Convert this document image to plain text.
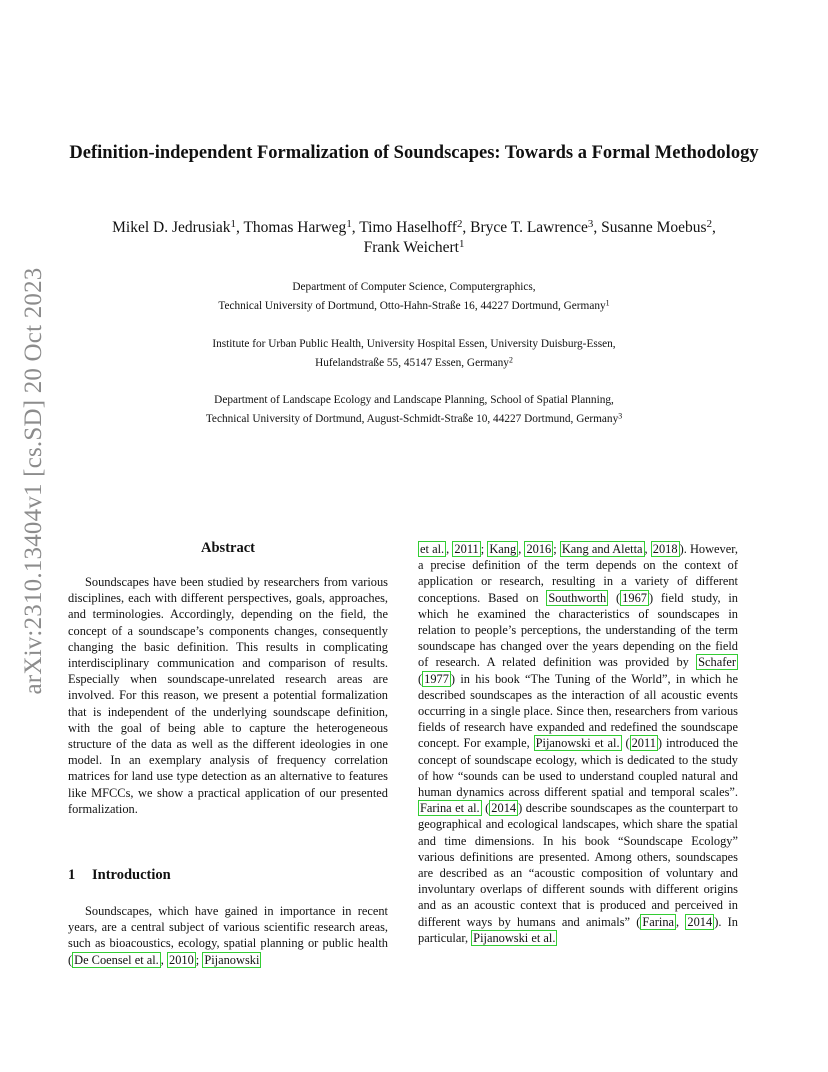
arXiv:2310.13404v1 [cs.SD] 20 Oct 2023
Definition-independent Formalization of Soundscapes: Towards a Formal Methodology
Mikel D. Jedrusiak$^1$, Thomas Harweg$^1$, Timo Haselhoff$^2$, Bryce T. Lawrence$^3$, Susanne Moebus$^2$,
Frank Weichert$^1$
Department of Computer Science, Computergraphics,
Technical University of Dortmund, Otto-Hahn-Straße 16, 44227 Dortmund, Germany$^1$
Institute for Urban Public Health, University Hospital Essen, University Duisburg-Essen,
Hufelandstraße 55, 45147 Essen, Germany$^2$
Department of Landscape Ecology and Landscape Planning, School of Spatial Planning,
Technical University of Dortmund, August-Schmidt-Straße 10, 44227 Dortmund, Germany$^3$
Abstract
Soundscapes have been studied by researchers from various disciplines, each with different perspectives, goals, approaches, and terminologies. Accordingly, depending on the field, the concept of a soundscape’s components changes, consequently changing the basic definition. This results in complicating interdisciplinary communication and comparison of results. Especially when soundscape-unrelated research areas are involved. For this reason, we present a potential formalization that is independent of the underlying soundscape definition, with the goal of being able to capture the heterogeneous structure of the data as well as the different ideologies in one model. In an exemplary analysis of frequency correlation matrices for land use type detection as an alternative to features like MFCCs, we show a practical application of our presented formalization.
1 Introduction
Soundscapes, which have gained in importance in recent years, are a central subject of various scientific research areas, such as bioacoustics, ecology, spatial planning or public health ( De Coensel et al. , 2010 ; Pijanowski
et al. , 2011 ; Kang , 2016 ; Kang and Aletta , 2018 ). However, a precise definition of the term depends on the context of application or research, resulting in a variety of different conceptions. Based on Southworth ( 1967 ) field study, in which he examined the characteristics of soundscapes in relation to people’s perceptions, the understanding of the term soundscape has changed over the years depending on the field of research. A related definition was provided by Schafer ( 1977 ) in his book “The Tuning of the World”, in which he described soundscapes as the interaction of all acoustic events occurring in a single place. Since then, researchers from various fields of research have expanded and redefined the soundscape concept. For example, Pijanowski et al. ( 2011 ) introduced the concept of soundscape ecology, which is dedicated to the study of how “sounds can be used to understand coupled natural and human dynamics across different spatial and temporal scales”. Farina et al. ( 2014 ) describe soundscapes as the counterpart to geographical and ecological landscapes, which share the spatial and time dimensions. In his book “Soundscape Ecology” various definitions are presented. Among others, soundscapes are described as an “acoustic composition of voluntary and involuntary overlaps of different sounds with different origins and as an acoustic context that is produced and perceived in different ways by humans and animals” ( Farina , 2014 ). In particular, Pijanowski et al.
